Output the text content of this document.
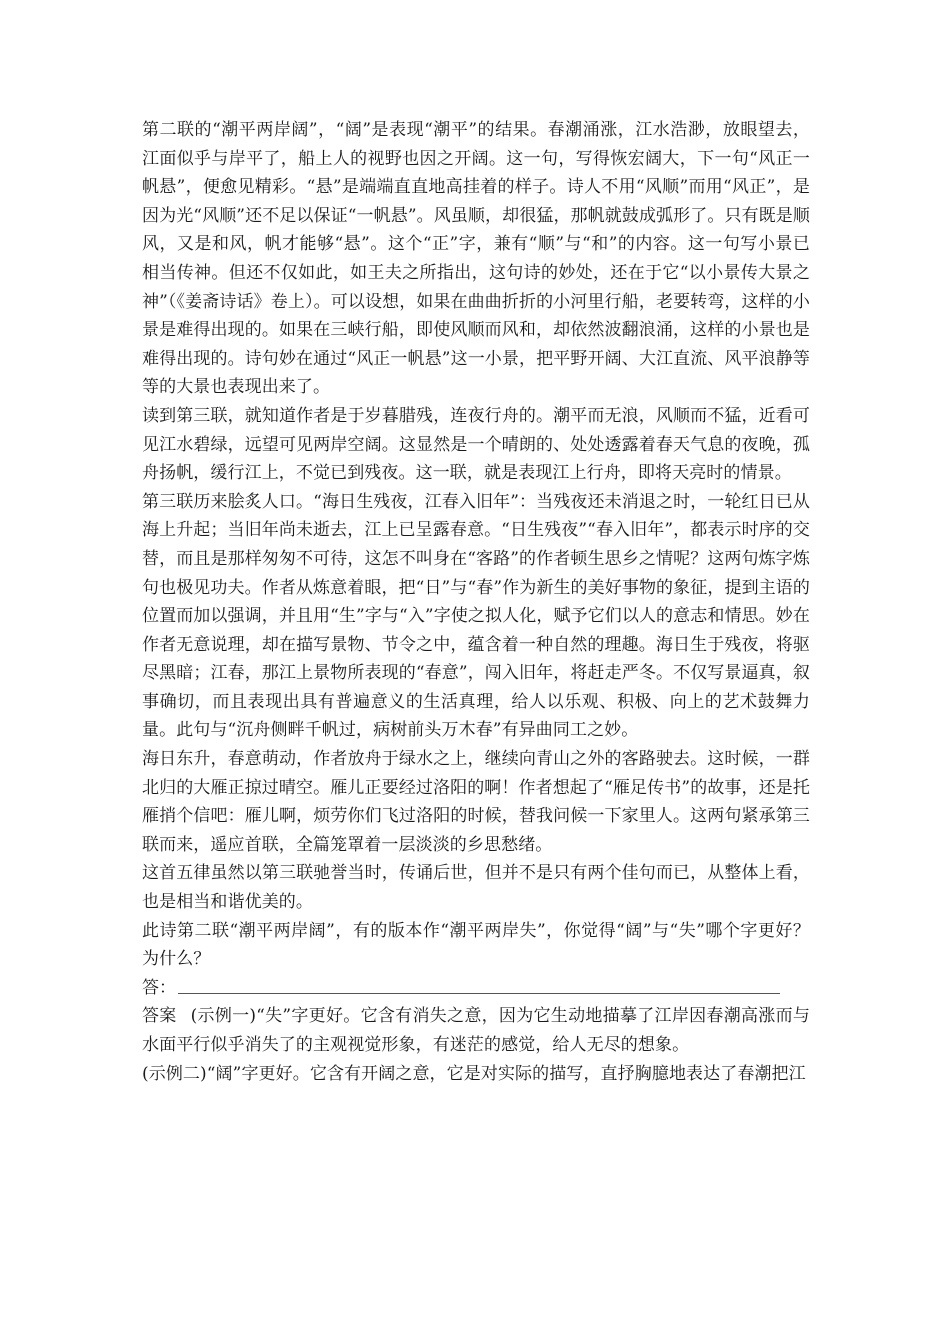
第二联的“潮平两岸阔”，“阔”是表现“潮平”的结果。春潮涌涨，江水浩渺，放眼望去，江面似乎与岸平了，船上人的视野也因之开阔。这一句，写得恢宏阔大，下一句“风正一帆悬”，便愈见精彩。“悬”是端端直直地高挂着的样子。诗人不用“风顺”而用“风正”，是因为光“风顺”还不足以保证“一帆悬”。风虽顺，却很猛，那帆就鼓成弧形了。只有既是顺风，又是和风，帆才能够“悬”。这个“正”字，兼有“顺”与“和”的内容。这一句写小景已相当传神。但还不仅如此，如王夫之所指出，这句诗的妙处，还在于它“以小景传大景之神”（《姜斋诗话》卷上）。可以设想，如果在曲曲折折的小河里行船，老要转弯，这样的小景是难得出现的。如果在三峡行船，即使风顺而风和，却依然波翻浪涌，这样的小景也是难得出现的。诗句妙在通过“风正一帆悬”这一小景，把平野开阔、大江直流、风平浪静等等的大景也表现出来了。

读到第三联，就知道作者是于岁暮腊残，连夜行舟的。潮平而无浪，风顺而不猛，近看可见江水碧绿，远望可见两岸空阔。这显然是一个晴朗的、处处透露着春天气息的夜晚，孤舟扬帆，缓行江上，不觉已到残夜。这一联，就是表现江上行舟，即将天亮时的情景。

第三联历来脍炙人口。“海日生残夜，江春入旧年”：当残夜还未消退之时，一轮红日已从海上升起；当旧年尚未逝去，江上已呈露春意。“日生残夜”“春入旧年”，都表示时序的交替，而且是那样匆匆不可待，这怎不叫身在“客路”的作者顿生思乡之情呢？这两句炼字炼句也极见功夫。作者从炼意着眼，把“日”与“春”作为新生的美好事物的象征，提到主语的位置而加以强调，并且用“生”字与“入”字使之拟人化，赋予它们以人的意志和情思。妙在作者无意说理，却在描写景物、节令之中，蕴含着一种自然的理趣。海日生于残夜，将驱尽黑暗；江春，那江上景物所表现的“春意”，闯入旧年，将赶走严冬。不仅写景逼真，叙事确切，而且表现出具有普遍意义的生活真理，给人以乐观、积极、向上的艺术鼓舞力量。此句与“沉舟侧畔千帆过，病树前头万木春”有异曲同工之妙。

海日东升，春意萌动，作者放舟于绿水之上，继续向青山之外的客路驶去。这时候，一群北归的大雁正掠过晴空。雁儿正要经过洛阳的啊！作者想起了“雁足传书”的故事，还是托雁捎个信吧：雁儿啊，烦劳你们飞过洛阳的时候，替我问候一下家里人。这两句紧承第三联而来，遥应首联，全篇笼罩着一层淡淡的乡思愁绪。

这首五律虽然以第三联驰誉当时，传诵后世，但并不是只有两个佳句而已，从整体上看，也是相当和谐优美的。

此诗第二联“潮平两岸阔”，有的版本作“潮平两岸失”，你觉得“阔”与“失”哪个字更好？为什么？

答：

答案 (示例一)“失”字更好。它含有消失之意，因为它生动地描摹了江岸因春潮高涨而与水面平行似乎消失了的主观视觉形象，有迷茫的感觉，给人无尽的想象。

(示例二)“阔”字更好。它含有开阔之意，它是对实际的描写，直抒胸臆地表达了春潮把江
